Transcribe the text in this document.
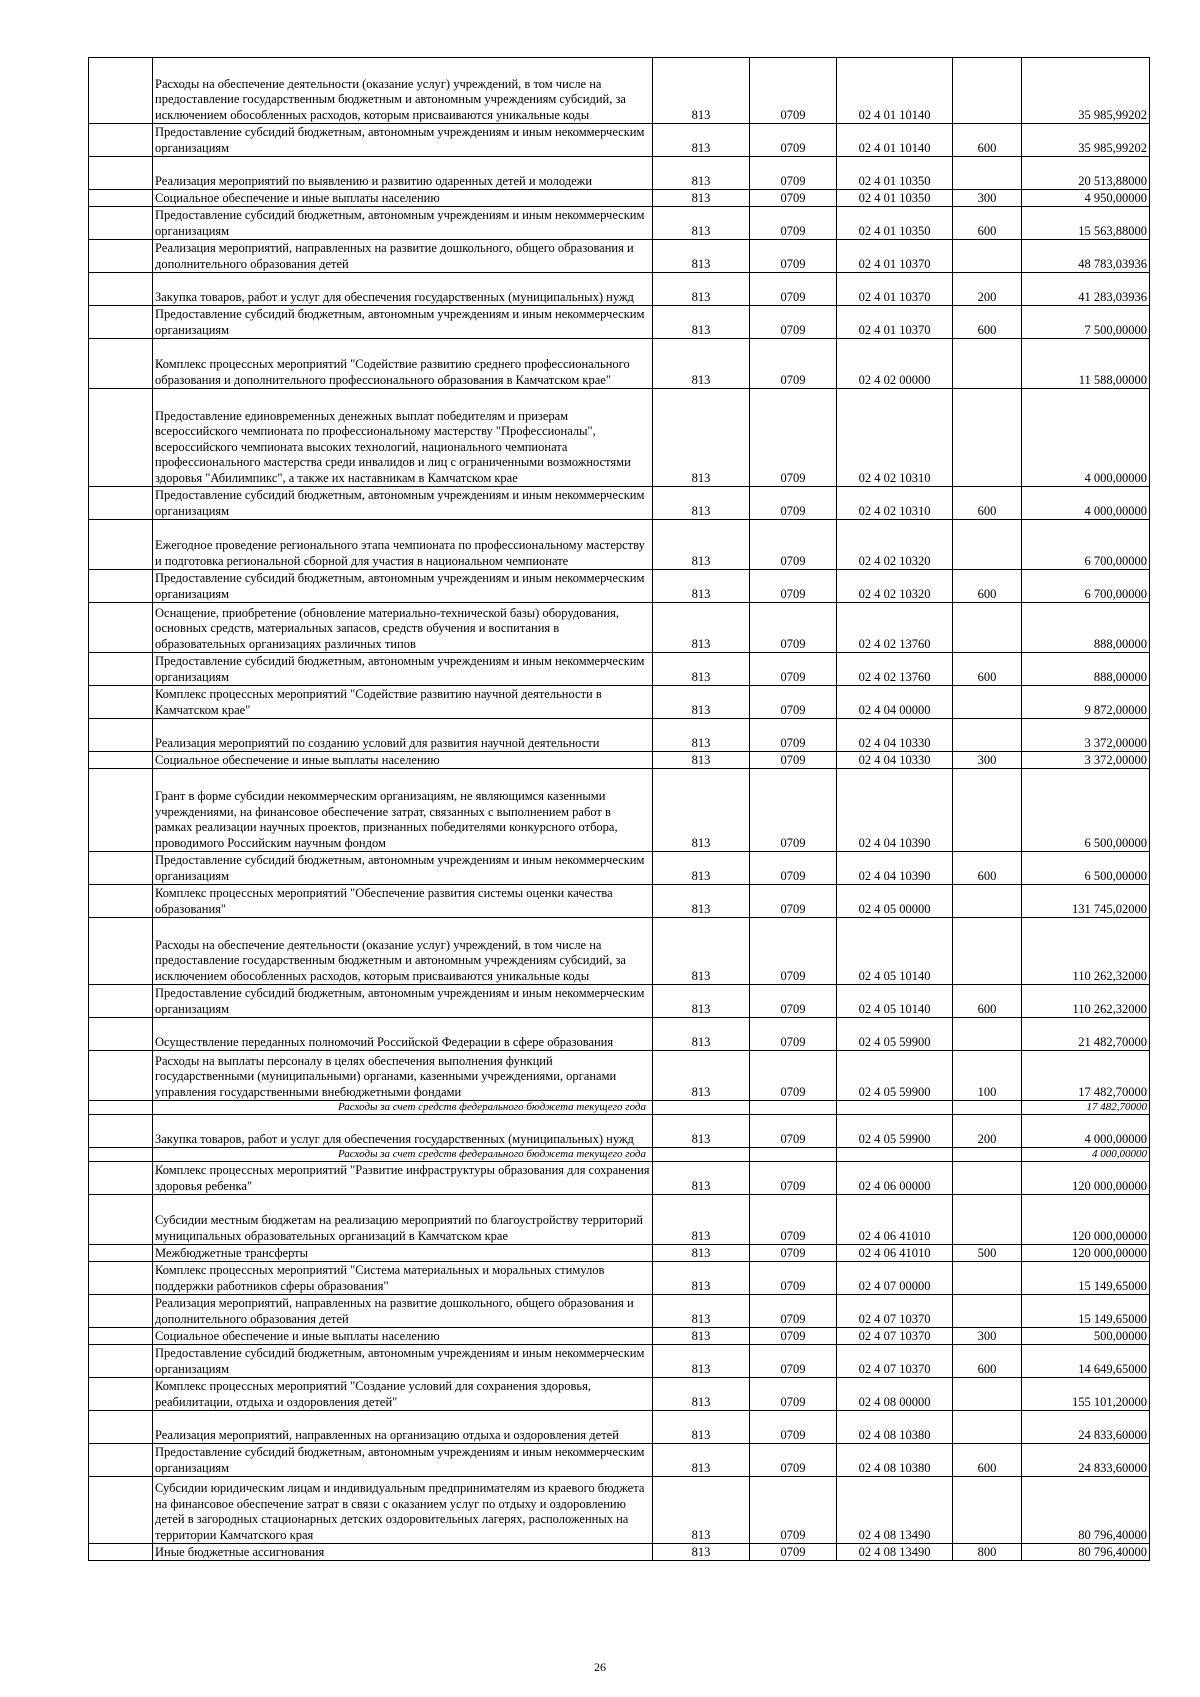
	Расходы на обеспечение деятельности (оказание услуг) учреждений, в том числе на предоставление государственным бюджетным и автономным учреждениям субсидий, за исключением обособленных расходов, которым присваиваются уникальные коды	813	0709	02 4 01 10140		35 985,99202
	Предоставление субсидий бюджетным, автономным учреждениям и иным некоммерческим организациям	813	0709	02 4 01 10140	600	35 985,99202
	Реализация мероприятий по выявлению и развитию одаренных детей и молодежи	813	0709	02 4 01 10350		20 513,88000
	Социальное обеспечение и иные выплаты населению	813	0709	02 4 01 10350	300	4 950,00000
	Предоставление субсидий бюджетным, автономным учреждениям и иным некоммерческим организациям	813	0709	02 4 01 10350	600	15 563,88000
	Реализация мероприятий, направленных на развитие дошкольного, общего образования и дополнительного образования детей	813	0709	02 4 01 10370		48 783,03936
	Закупка товаров, работ и услуг для обеспечения государственных (муниципальных) нужд	813	0709	02 4 01 10370	200	41 283,03936
	Предоставление субсидий бюджетным, автономным учреждениям и иным некоммерческим организациям	813	0709	02 4 01 10370	600	7 500,00000
	Комплекс процессных мероприятий "Содействие развитию среднего профессионального образования и дополнительного профессионального образования в Камчатском крае"	813	0709	02 4 02 00000		11 588,00000
	Предоставление единовременных денежных выплат победителям и призерам всероссийского чемпионата по профессиональному мастерству "Профессионалы", всероссийского чемпионата высоких технологий, национального чемпионата профессионального мастерства среди инвалидов и лиц с ограниченными возможностями здоровья "Абилимпикс", а также их наставникам в Камчатском крае	813	0709	02 4 02 10310		4 000,00000
	Предоставление субсидий бюджетным, автономным учреждениям и иным некоммерческим организациям	813	0709	02 4 02 10310	600	4 000,00000
	Ежегодное проведение регионального этапа чемпионата по профессиональному мастерству и подготовка региональной сборной для участия в национальном чемпионате	813	0709	02 4 02 10320		6 700,00000
	Предоставление субсидий бюджетным, автономным учреждениям и иным некоммерческим организациям	813	0709	02 4 02 10320	600	6 700,00000
	Оснащение, приобретение (обновление материально-технической базы) оборудования, основных средств, материальных запасов, средств обучения и воспитания в образовательных организациях различных типов	813	0709	02 4 02 13760		888,00000
	Предоставление субсидий бюджетным, автономным учреждениям и иным некоммерческим организациям	813	0709	02 4 02 13760	600	888,00000
	Комплекс процессных мероприятий "Содействие развитию научной деятельности в Камчатском крае"	813	0709	02 4 04 00000		9 872,00000
	Реализация мероприятий по созданию условий для развития научной деятельности	813	0709	02 4 04 10330		3 372,00000
	Социальное обеспечение и иные выплаты населению	813	0709	02 4 04 10330	300	3 372,00000
	Грант в форме субсидии некоммерческим организациям, не являющимся казенными учреждениями, на финансовое обеспечение затрат, связанных с выполнением работ в рамках реализации научных проектов, признанных победителями конкурсного отбора, проводимого Российским научным фондом	813	0709	02 4 04 10390		6 500,00000
	Предоставление субсидий бюджетным, автономным учреждениям и иным некоммерческим организациям	813	0709	02 4 04 10390	600	6 500,00000
	Комплекс процессных мероприятий "Обеспечение развития системы оценки качества образования"	813	0709	02 4 05 00000		131 745,02000
	Расходы на обеспечение деятельности (оказание услуг) учреждений, в том числе на предоставление государственным бюджетным и автономным учреждениям субсидий, за исключением обособленных расходов, которым присваиваются уникальные коды	813	0709	02 4 05 10140		110 262,32000
	Предоставление субсидий бюджетным, автономным учреждениям и иным некоммерческим организациям	813	0709	02 4 05 10140	600	110 262,32000
	Осуществление переданных полномочий Российской Федерации в сфере образования	813	0709	02 4 05 59900		21 482,70000
	Расходы на выплаты персоналу в целях обеспечения выполнения функций государственными (муниципальными) органами, казенными учреждениями, органами управления государственными внебюджетными фондами	813	0709	02 4 05 59900	100	17 482,70000
	Расходы за счет средств федерального бюджета текущего года					17 482,70000
	Закупка товаров, работ и услуг для обеспечения государственных (муниципальных) нужд	813	0709	02 4 05 59900	200	4 000,00000
	Расходы за счет средств федерального бюджета текущего года					4 000,00000
	Комплекс процессных мероприятий "Развитие инфраструктуры образования для сохранения здоровья ребенка"	813	0709	02 4 06 00000		120 000,00000
	Субсидии местным бюджетам на реализацию мероприятий по благоустройству территорий муниципальных образовательных организаций в Камчатском крае	813	0709	02 4 06 41010		120 000,00000
	Межбюджетные трансферты	813	0709	02 4 06 41010	500	120 000,00000
	Комплекс процессных мероприятий "Система материальных и моральных стимулов поддержки работников сферы образования"	813	0709	02 4 07 00000		15 149,65000
	Реализация мероприятий, направленных на развитие дошкольного, общего образования и дополнительного образования детей	813	0709	02 4 07 10370		15 149,65000
	Социальное обеспечение и иные выплаты населению	813	0709	02 4 07 10370	300	500,00000
	Предоставление субсидий бюджетным, автономным учреждениям и иным некоммерческим организациям	813	0709	02 4 07 10370	600	14 649,65000
	Комплекс процессных мероприятий "Создание условий для сохранения здоровья, реабилитации, отдыха и оздоровления детей"	813	0709	02 4 08 00000		155 101,20000
	Реализация мероприятий, направленных на организацию отдыха и оздоровления детей	813	0709	02 4 08 10380		24 833,60000
	Предоставление субсидий бюджетным, автономным учреждениям и иным некоммерческим организациям	813	0709	02 4 08 10380	600	24 833,60000
	Субсидии юридическим лицам и индивидуальным предпринимателям из краевого бюджета на финансовое обеспечение затрат в связи с оказанием услуг по отдыху и оздоровлению детей в загородных стационарных детских оздоровительных лагерях, расположенных на территории Камчатского края	813	0709	02 4 08 13490		80 796,40000
	Иные бюджетные ассигнования	813	0709	02 4 08 13490	800	80 796,40000
26
